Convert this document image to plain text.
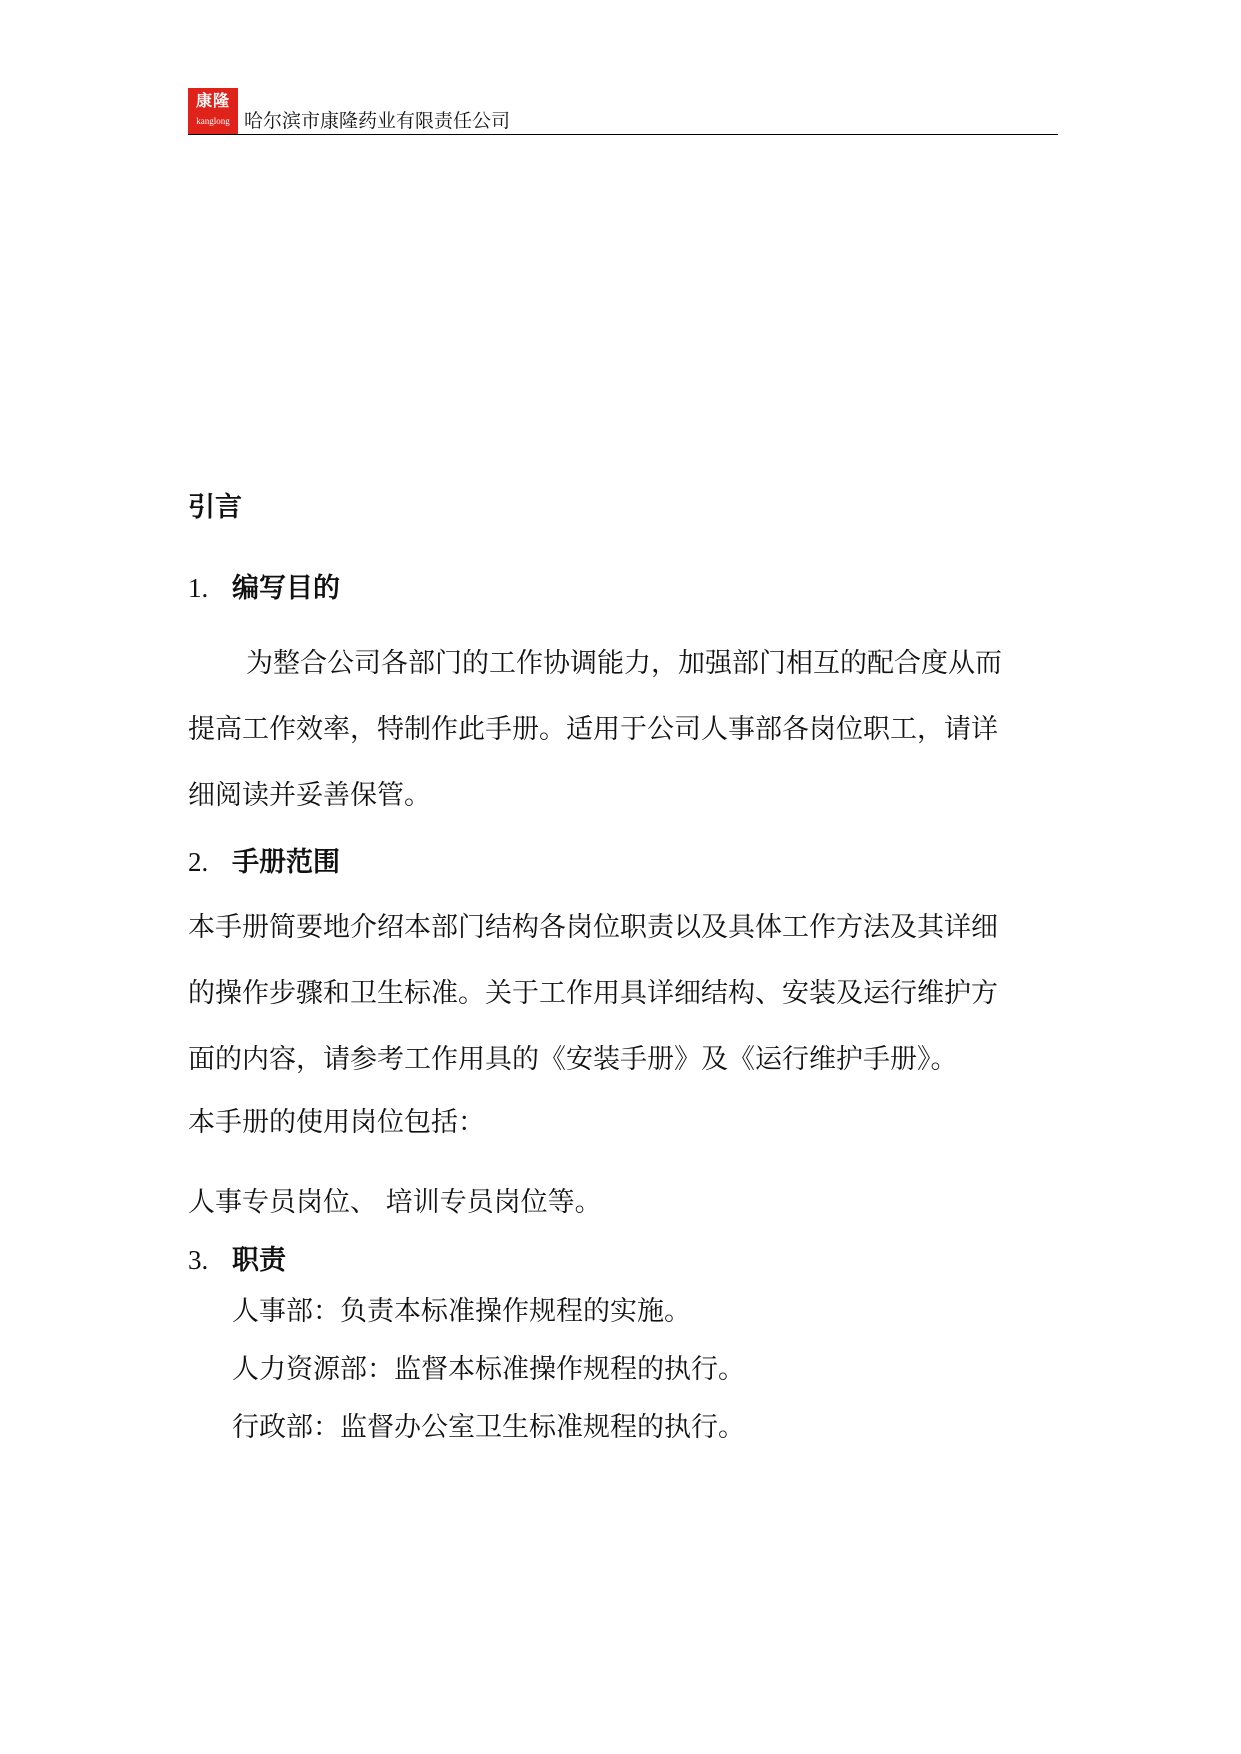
康隆
kanglong 哈尔滨市康隆药业有限责任公司
引言
1. 编写目的
为整合公司各部门的工作协调能力，加强部门相互的配合度从而
提高工作效率，特制作此手册。适用于公司人事部各岗位职工，请详
细阅读并妥善保管。
2. 手册范围
本手册简要地介绍本部门结构各岗位职责以及具体工作方法及其详细
的操作步骤和卫生标准。关于工作用具详细结构、安装及运行维护方
面的内容，请参考工作用具的《安装手册》及《运行维护手册》。
本手册的使用岗位包括：
人事专员岗位、 培训专员岗位等。
3. 职责
人事部：负责本标准操作规程的实施。
人力资源部：监督本标准操作规程的执行。
行政部：监督办公室卫生标准规程的执行。
